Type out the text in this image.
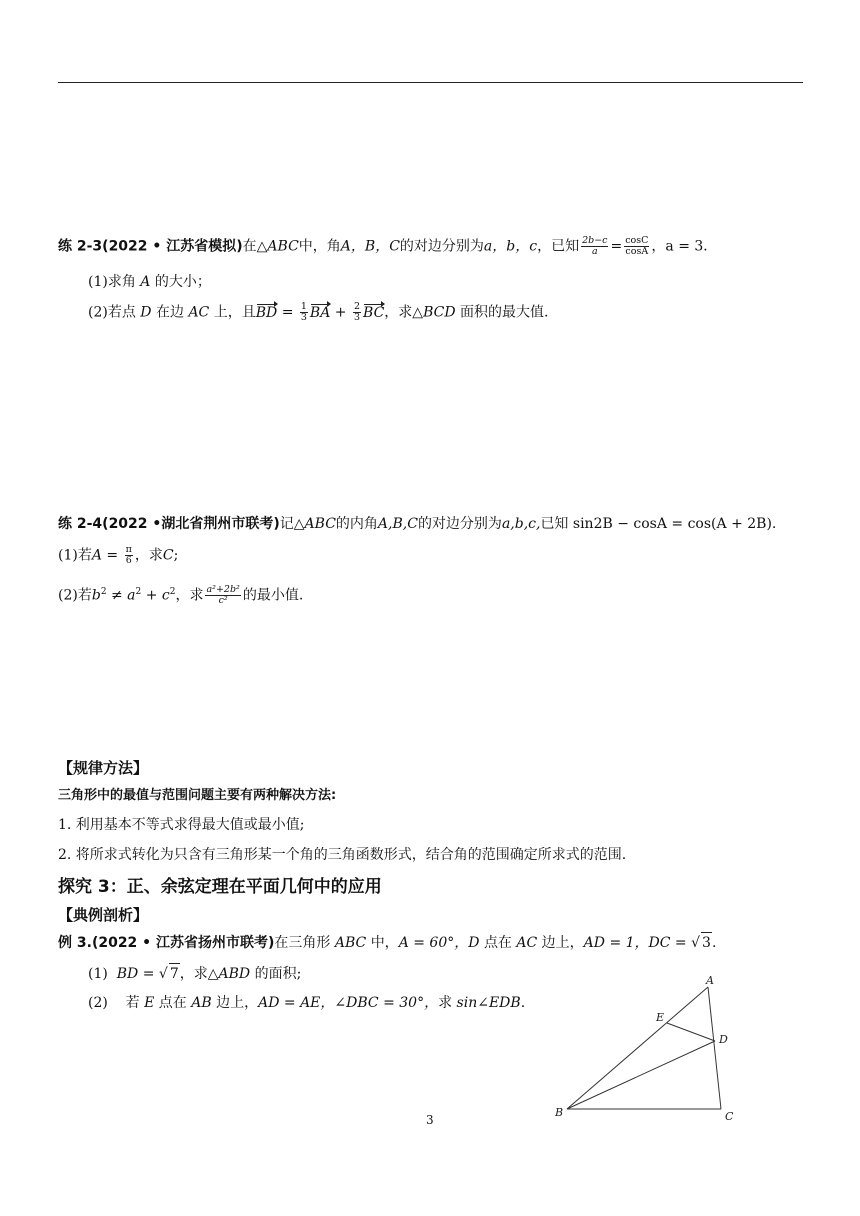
练 2-3(2022 • 江苏省模拟)在△ABC中，角A，B，C的对边分别为a，b，c，已知 $\frac{2b-c}{a} = \frac{\cos C}{\cos A}$ ，a = 3．
(1)求角 A 的大小；
(2)若点 D 在边 AC 上，且BD = $\frac{1}{3}$ BA + $\frac{2}{3}$ BC，求△BCD 面积的最大值.
练 2-4(2022 •湖北省荆州市联考)记△ABC的内角A,B,C的对边分别为a,b,c,已知 sin2B − cosA = cos(A + 2B).
(1)若$A = \frac{\pi}{6}$ ，求C;
(2)若$b^2 \ne a^2 + c^2$，求 $\frac{\text{a²+2b²}}{\text{c²}}$ 的最小值.
【规律方法】
三角形中的最值与范围问题主要有两种解决方法:
1. 利用基本不等式求得最大值或最小值;
2. 将所求式转化为只含有三角形某一个角的三角函数形式，结合角的范围确定所求式的范围.
探究 3：正、余弦定理在平面几何中的应用
【典例剖析】
例 3.(2022 • 江苏省扬州市联考)在三角形 ABC 中，A = 60°，D 点在 AC 边上，AD = 1，DC = √ 3.
(1) BD = √ 7，求△ABD 的面积;
(2) 若 E 点在 AB 边上，AD = AE，∠DBC = 30°，求 sin∠EDB.
A
B	C
D
E
3
